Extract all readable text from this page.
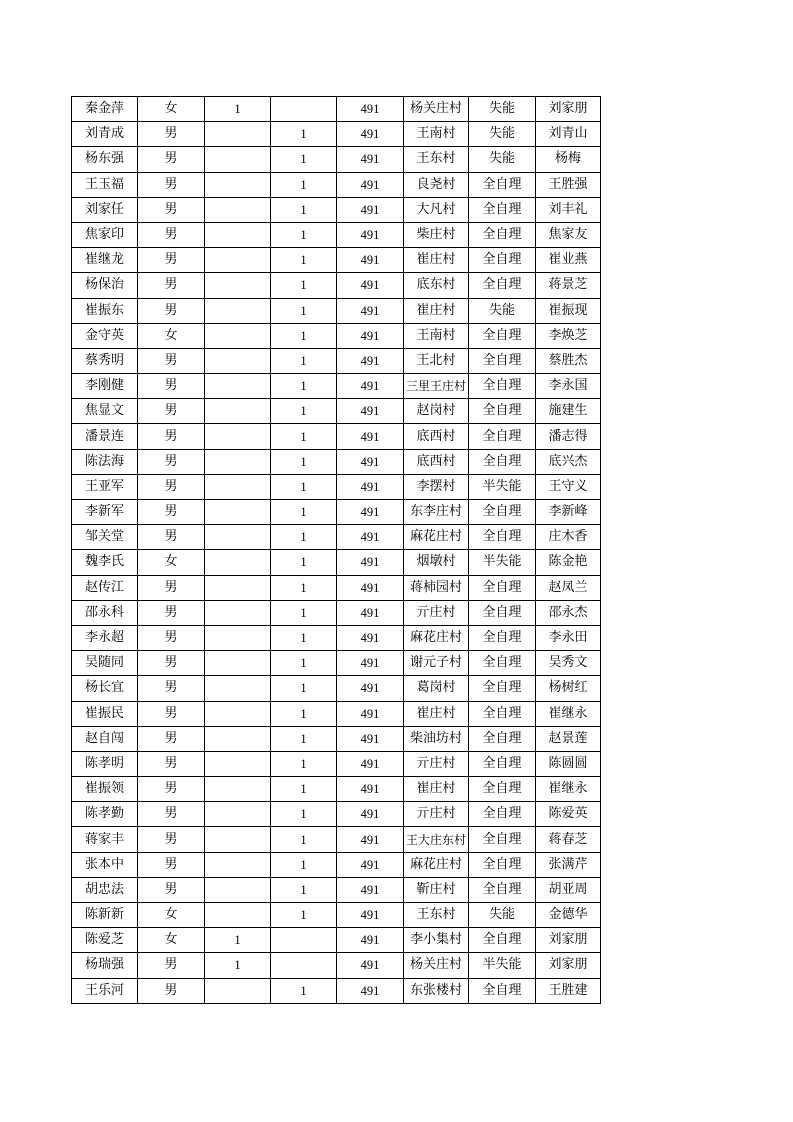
秦金萍	女	1		491	杨关庄村	失能	刘家朋
刘青成	男		1	491	王南村	失能	刘青山
杨东强	男		1	491	王东村	失能	杨梅
王玉福	男		1	491	良尧村	全自理	王胜强
刘家任	男		1	491	大凡村	全自理	刘丰礼
焦家印	男		1	491	柴庄村	全自理	焦家友
崔继龙	男		1	491	崔庄村	全自理	崔业燕
杨保治	男		1	491	底东村	全自理	蒋景芝
崔振东	男		1	491	崔庄村	失能	崔振现
金守英	女		1	491	王南村	全自理	李焕芝
蔡秀明	男		1	491	王北村	全自理	蔡胜杰
李刚健	男		1	491	三里王庄村	全自理	李永国
焦显文	男		1	491	赵岗村	全自理	施建生
潘景连	男		1	491	底西村	全自理	潘志得
陈法海	男		1	491	底西村	全自理	底兴杰
王亚军	男		1	491	李摆村	半失能	王守义
李新军	男		1	491	东李庄村	全自理	李新峰
邹关堂	男		1	491	麻花庄村	全自理	庄木香
魏李氏	女		1	491	烟墩村	半失能	陈金艳
赵传江	男		1	491	蒋柿园村	全自理	赵凤兰
邵永科	男		1	491	亓庄村	全自理	邵永杰
李永超	男		1	491	麻花庄村	全自理	李永田
吴随同	男		1	491	谢元子村	全自理	吴秀文
杨长宜	男		1	491	葛岗村	全自理	杨树红
崔振民	男		1	491	崔庄村	全自理	崔继永
赵自闯	男		1	491	柴油坊村	全自理	赵景莲
陈孝明	男		1	491	亓庄村	全自理	陈圆圆
崔振领	男		1	491	崔庄村	全自理	崔继永
陈孝勤	男		1	491	亓庄村	全自理	陈爱英
蒋家丰	男		1	491	王大庄东村	全自理	蒋春芝
张本中	男		1	491	麻花庄村	全自理	张满芹
胡忠法	男		1	491	靳庄村	全自理	胡亚周
陈新新	女		1	491	王东村	失能	金德华
陈爱芝	女	1		491	李小集村	全自理	刘家朋
杨瑞强	男	1		491	杨关庄村	半失能	刘家朋
王乐河	男		1	491	东张楼村	全自理	王胜建
